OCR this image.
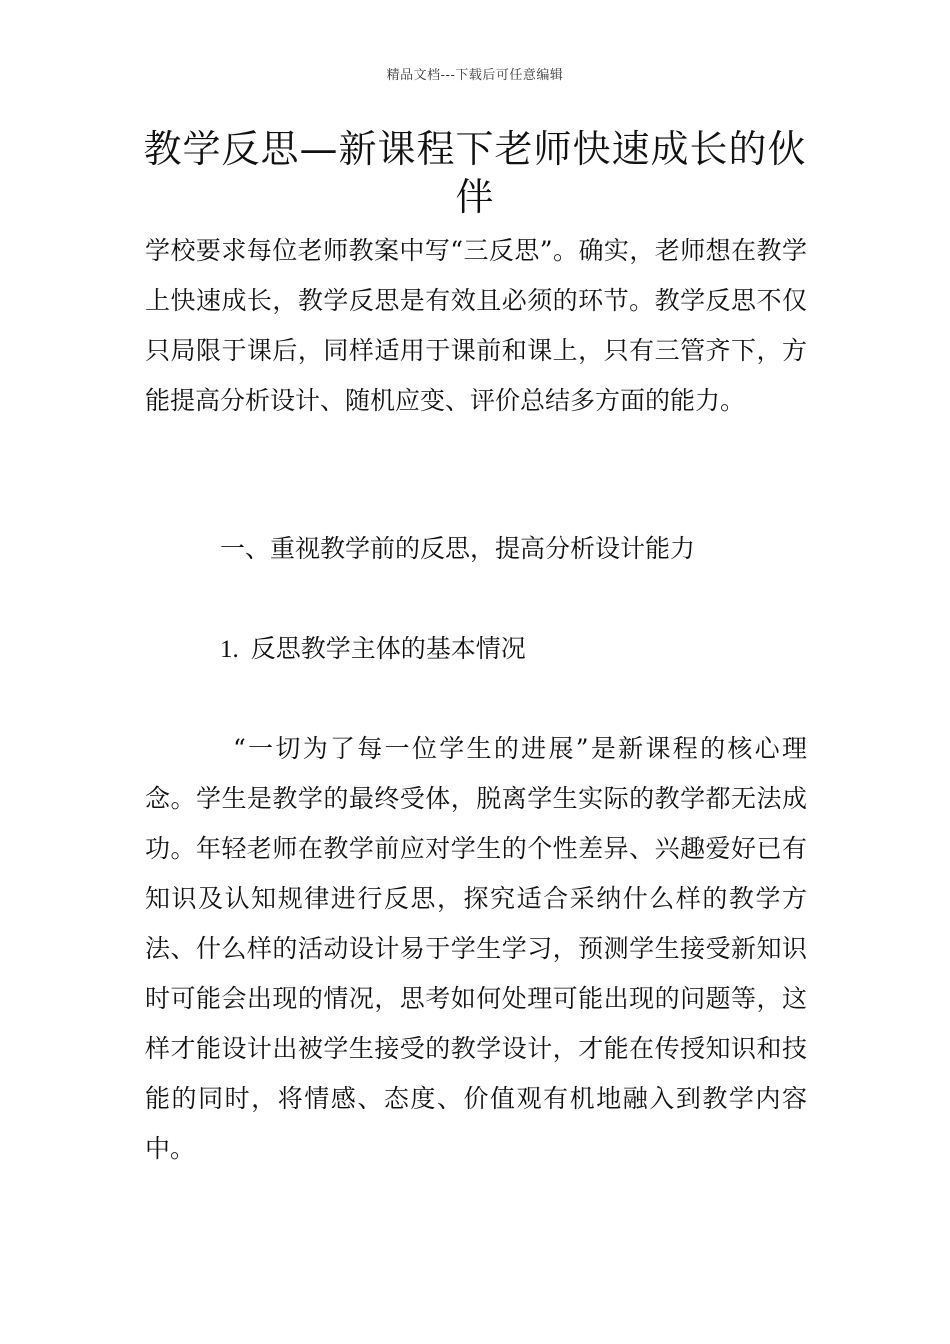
精品文档---下载后可任意编辑
教学反思—新课程下老师快速成长的伙伴

学校要求每位老师教案中写“三反思”。确实，老师想在教学上快速成长，教学反思是有效且必须的环节。教学反思不仅只局限于课后，同样适用于课前和课上，只有三管齐下，方能提高分析设计、随机应变、评价总结多方面的能力。

一、重视教学前的反思，提高分析设计能力
1. 反思教学主体的基本情况

“一切为了每一位学生的进展”是新课程的核心理念。学生是教学的最终受体，脱离学生实际的教学都无法成功。年轻老师在教学前应对学生的个性差异、兴趣爱好已有知识及认知规律进行反思，探究适合采纳什么样的教学方法、什么样的活动设计易于学生学习，预测学生接受新知识时可能会出现的情况，思考如何处理可能出现的问题等，这样才能设计出被学生接受的教学设计，才能在传授知识和技能的同时，将情感、态度、价值观有机地融入到教学内容中。
